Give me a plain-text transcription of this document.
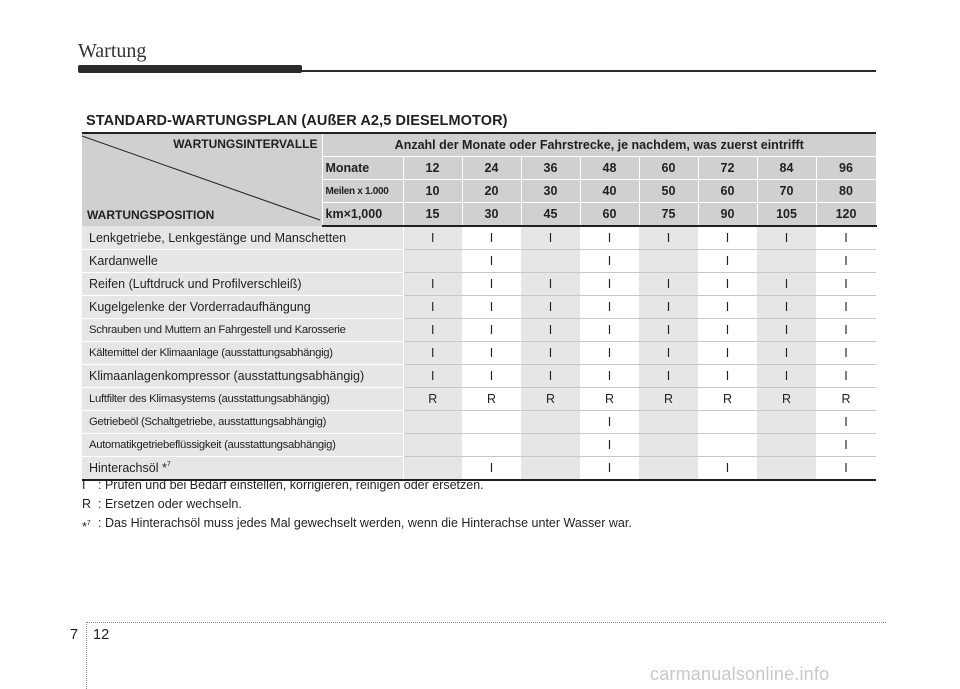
Wartung
STANDARD-WARTUNGSPLAN (AUßER A2,5 DIESELMOTOR)
WARTUNGSINTERVALLE
WARTUNGSPOSITION	Anzahl der Monate oder Fahrstrecke, je nachdem, was zuerst eintrifft								
	Monate	12	24	36	48	60	72	84	96
	Meilen x 1.000	10	20	30	40	50	60	70	80
	km×1,000	15	30	45	60	75	90	105	120
Lenkgetriebe, Lenkgestänge und Manschetten		I	I	I	I	I	I	I	I
Kardanwelle			I		I		I		I
Reifen (Luftdruck und Profilverschleiß)		I	I	I	I	I	I	I	I
Kugelgelenke der Vorderradaufhängung		I	I	I	I	I	I	I	I
Schrauben und Muttern an Fahrgestell und Karosserie		I	I	I	I	I	I	I	I
Kältemittel der Klimaanlage (ausstattungsabhängig)		I	I	I	I	I	I	I	I
Klimaanlagenkompressor (ausstattungsabhängig)		I	I	I	I	I	I	I	I
Luftfilter des Klimasystems (ausstattungsabhängig)		R	R	R	R	R	R	R	R
Getriebeöl (Schaltgetriebe, ausstattungsabhängig)					I				I
Automatikgetriebeflüssigkeit (ausstattungsabhängig)					I				I
Hinterachsöl *$^7$			I		I		I		I
I	: Prüfen und bei Bedarf einstellen, korrigieren, reinigen oder ersetzen.
R : Ersetzen oder wechseln.
*$^7$ : Das Hinterachsöl muss jedes Mal gewechselt werden, wenn die Hinterachse unter Wasser war.
7 12
carmanualsonline.info
